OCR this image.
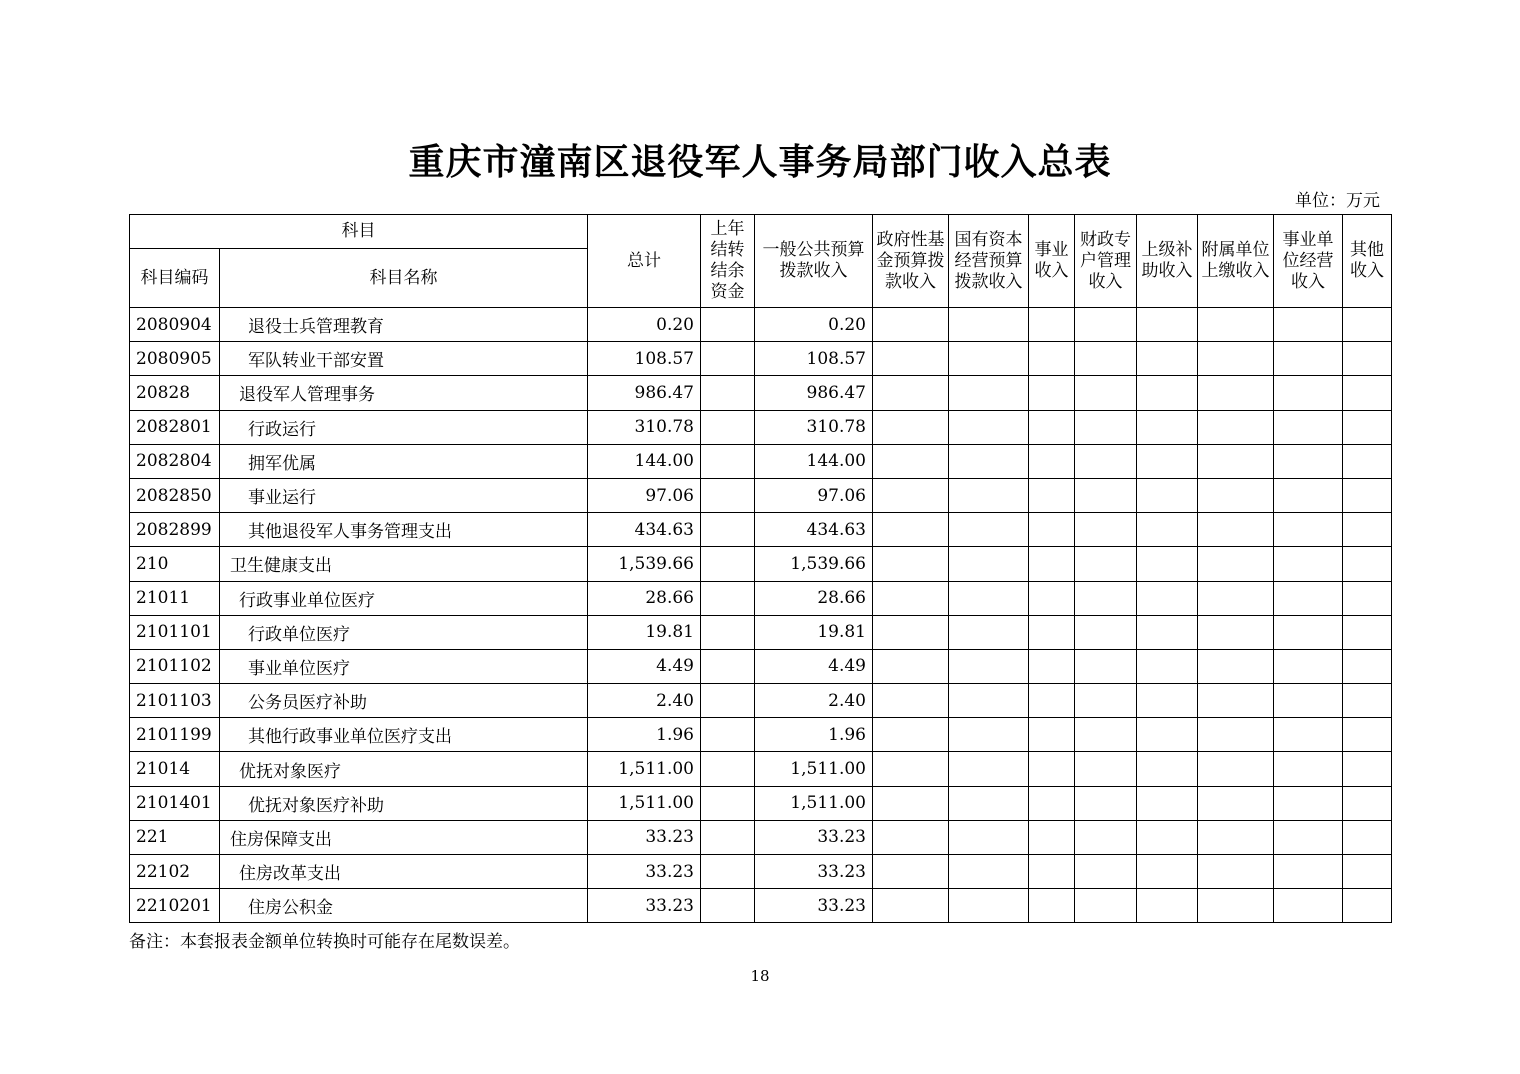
重庆市潼南区退役军人事务局部门收入总表
单位：万元
科目		总计	上年结转结余资金	一般公共预算拨款收入	政府性基金预算拨款收入	国有资本经营预算拨款收入	事业收入	财政专户管理收入	上级补助收入	附属单位上缴收入	事业单位经营收入	其他收入
科目编码	科目名称											
2080904	退役士兵管理教育	0.20		0.20								
2080905	军队转业干部安置	108.57		108.57								
20828	退役军人管理事务	986.47		986.47								
2082801	行政运行	310.78		310.78								
2082804	拥军优属	144.00		144.00								
2082850	事业运行	97.06		97.06								
2082899	其他退役军人事务管理支出	434.63		434.63								
210	卫生健康支出	1,539.66		1,539.66								
21011	行政事业单位医疗	28.66		28.66								
2101101	行政单位医疗	19.81		19.81								
2101102	事业单位医疗	4.49		4.49								
2101103	公务员医疗补助	2.40		2.40								
2101199	其他行政事业单位医疗支出	1.96		1.96								
21014	优抚对象医疗	1,511.00		1,511.00								
2101401	优抚对象医疗补助	1,511.00		1,511.00								
221	住房保障支出	33.23		33.23								
22102	住房改革支出	33.23		33.23								
2210201	住房公积金	33.23		33.23								
备注：本套报表金额单位转换时可能存在尾数误差。
18
